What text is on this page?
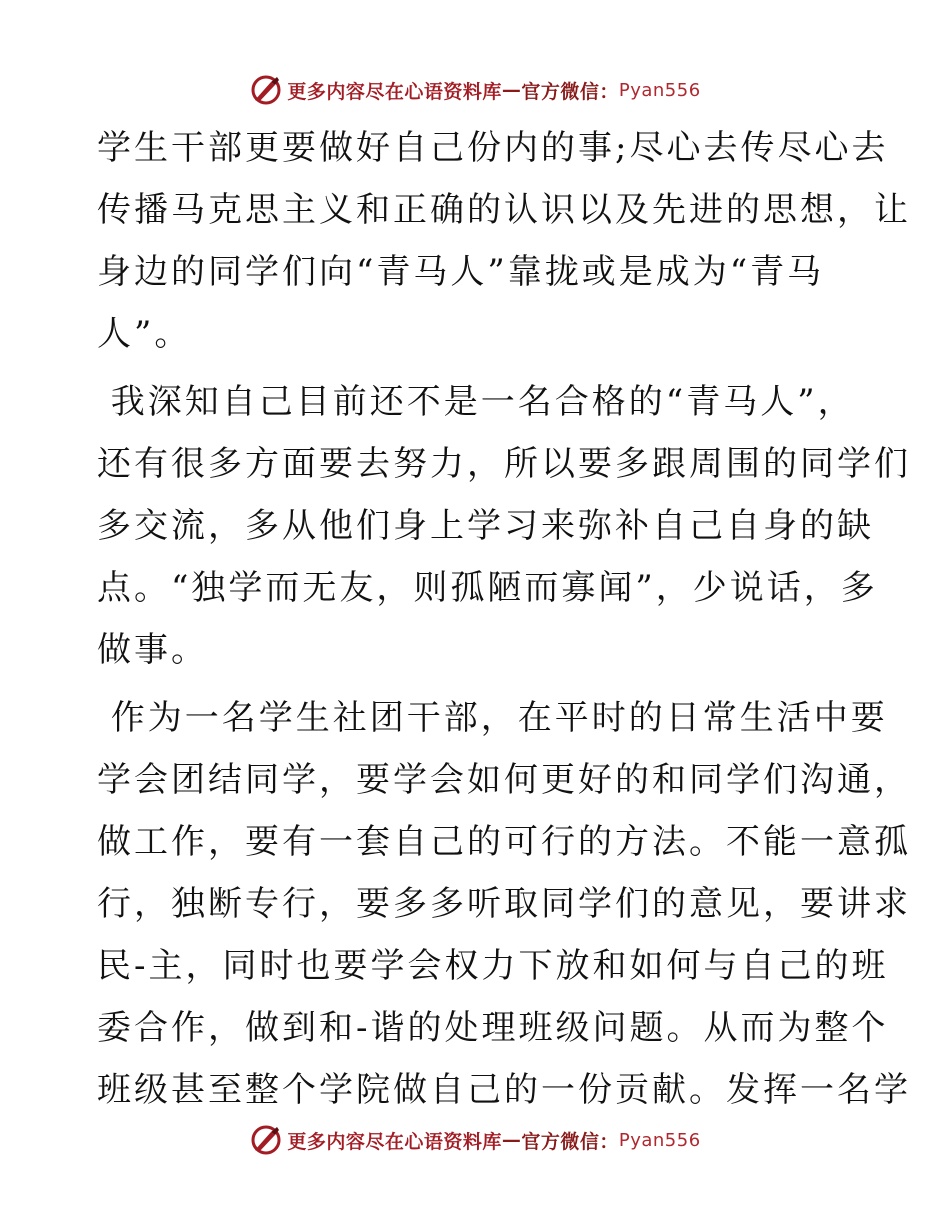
更多内容尽在心语资料库 — 官方微信： Pyan556

学生干部更要做好自己份内的事;尽心去传尽心去
传播马克思主义和正确的认识以及先进的思想，让
身边的同学们向“青马人”靠拢或是成为“青马
人”。

我深知自己目前还不是一名合格的“青马人”，
还有很多方面要去努力，所以要多跟周围的同学们
多交流，多从他们身上学习来弥补自己自身的缺
点。“独学而无友，则孤陋而寡闻”，少说话，多
做事。

作为一名学生社团干部，在平时的日常生活中要
学会团结同学，要学会如何更好的和同学们沟通，
做工作，要有一套自己的可行的方法。不能一意孤
行，独断专行，要多多听取同学们的意见，要讲求
民-主，同时也要学会权力下放和如何与自己的班
委合作，做到和-谐的处理班级问题。从而为整个
班级甚至整个学院做自己的一份贡献。发挥一名学

更多内容尽在心语资料库 — 官方微信： Pyan556
